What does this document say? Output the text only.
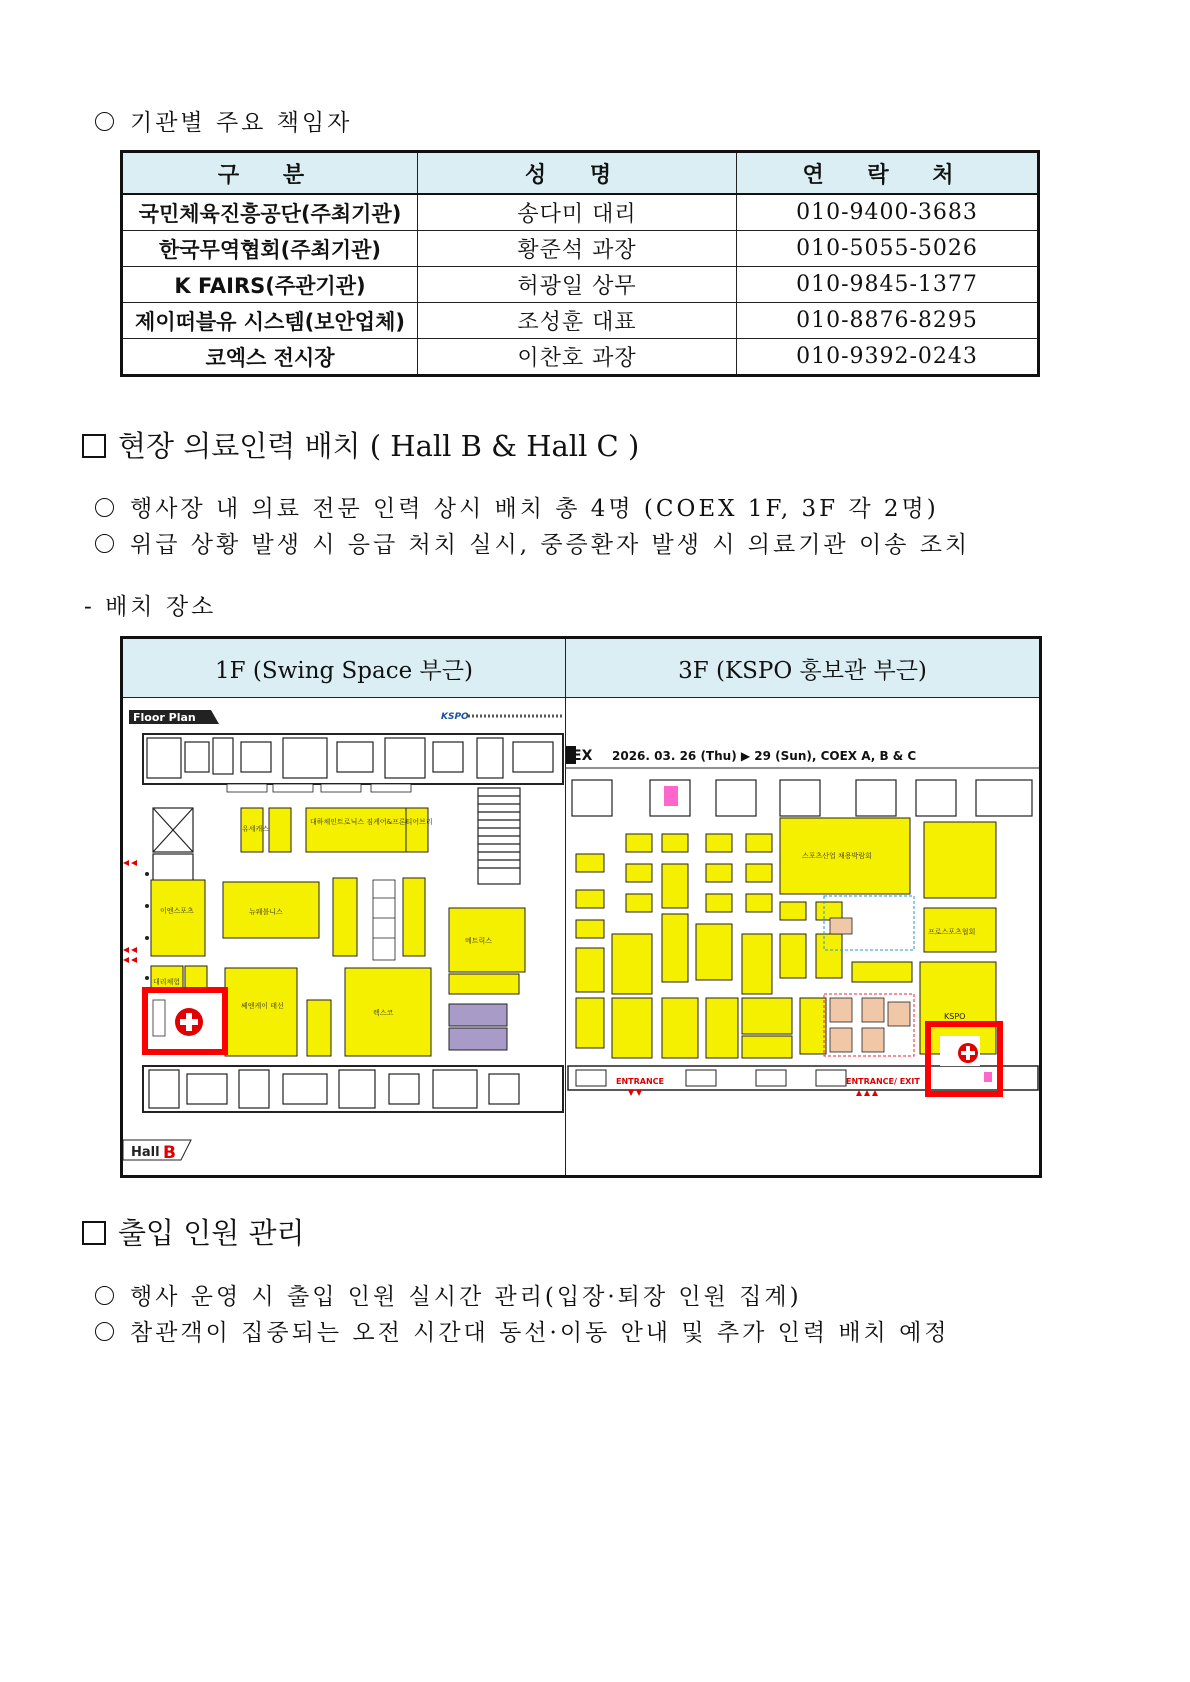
기관별 주요 책임자
구 분	성 명	연 락 처
국민체육진흥공단(주최기관)	송다미 대리	010-9400-3683
한국무역협회(주최기관)	황준석 과장	010-5055-5026
K FAIRS(주관기관)	허광일 상무	010-9845-1377
제이떠블유 시스템(보안업체)	조성훈 대표	010-8876-8295
코엑스 전시장	이찬호 과장	010-9392-0243
현장 의료인력 배치 ( Hall B & Hall C )
행사장 내 의료 전문 인력 상시 배치 총 4명 (COEX 1F, 3F 각 2명)
위급 상황 발생 시 응급 처치 실시, 중증환자 발생 시 의료기관 이송 조치
- 배치 장소
1F (Swing Space 부근)	3F (KSPO 홍보관 부근)
Floor Plan	KSPO
유세캐스
대하체인트로닉스 짐케어&프론티어브리
이엔스포츠	뉴웨블니스
메트릭스
쎄엔케이 태선
렉스코
대리체험
Hall B
EX 2026. 03. 26 (Thu) ▶ 29 (Sun), COEX A, B & C
스포츠산업 채용박람회
프로스포츠협회
KSPO
ENTRANCE	ENTRANCE/ EXIT
출입 인원 관리
행사 운영 시 출입 인원 실시간 관리(입장·퇴장 인원 집계)
참관객이 집중되는 오전 시간대 동선·이동 안내 및 추가 인력 배치 예정
